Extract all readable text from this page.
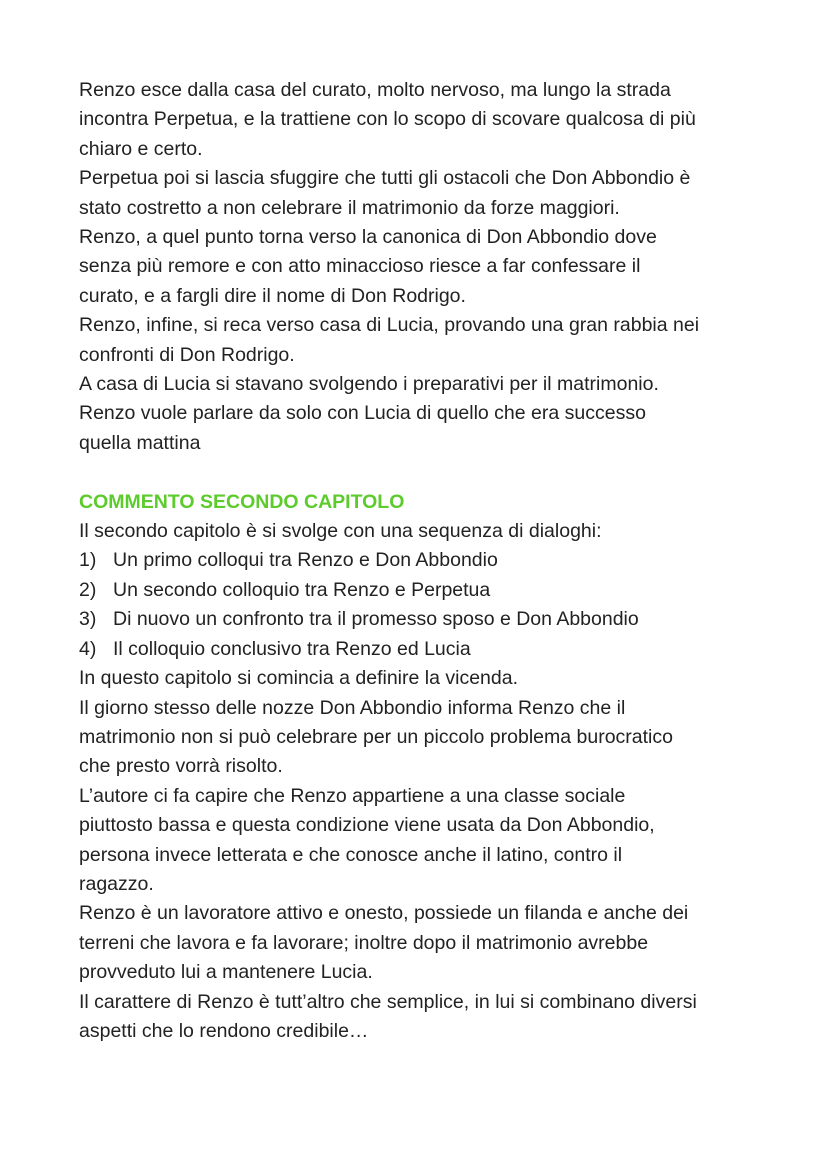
Renzo esce dalla casa del curato, molto nervoso, ma lungo la strada
incontra Perpetua, e la trattiene con lo scopo di scovare qualcosa di più
chiaro e certo.
Perpetua poi si lascia sfuggire che tutti gli ostacoli che Don Abbondio è
stato costretto a non celebrare il matrimonio da forze maggiori.
Renzo, a quel punto torna verso la canonica di Don Abbondio dove
senza più remore e con atto minaccioso riesce a far confessare il
curato, e a fargli dire il nome di Don Rodrigo.
Renzo, infine, si reca verso casa di Lucia, provando una gran rabbia nei
confronti di Don Rodrigo.
A casa di Lucia si stavano svolgendo i preparativi per il matrimonio.
Renzo vuole parlare da solo con Lucia di quello che era successo
quella mattina
COMMENTO SECONDO CAPITOLO
Il secondo capitolo è si svolge con una sequenza di dialoghi:
1) Un primo colloqui tra Renzo e Don Abbondio
2) Un secondo colloquio tra Renzo e Perpetua
3) Di nuovo un confronto tra il promesso sposo e Don Abbondio
4) Il colloquio conclusivo tra Renzo ed Lucia
In questo capitolo si comincia a definire la vicenda.
Il giorno stesso delle nozze Don Abbondio informa Renzo che il
matrimonio non si può celebrare per un piccolo problema burocratico
che presto vorrà risolto.
L’autore ci fa capire che Renzo appartiene a una classe sociale
piuttosto bassa e questa condizione viene usata da Don Abbondio,
persona invece letterata e che conosce anche il latino, contro il
ragazzo.
Renzo è un lavoratore attivo e onesto, possiede un filanda e anche dei
terreni che lavora e fa lavorare; inoltre dopo il matrimonio avrebbe
provveduto lui a mantenere Lucia.
Il carattere di Renzo è tutt’altro che semplice, in lui si combinano diversi
aspetti che lo rendono credibile…
